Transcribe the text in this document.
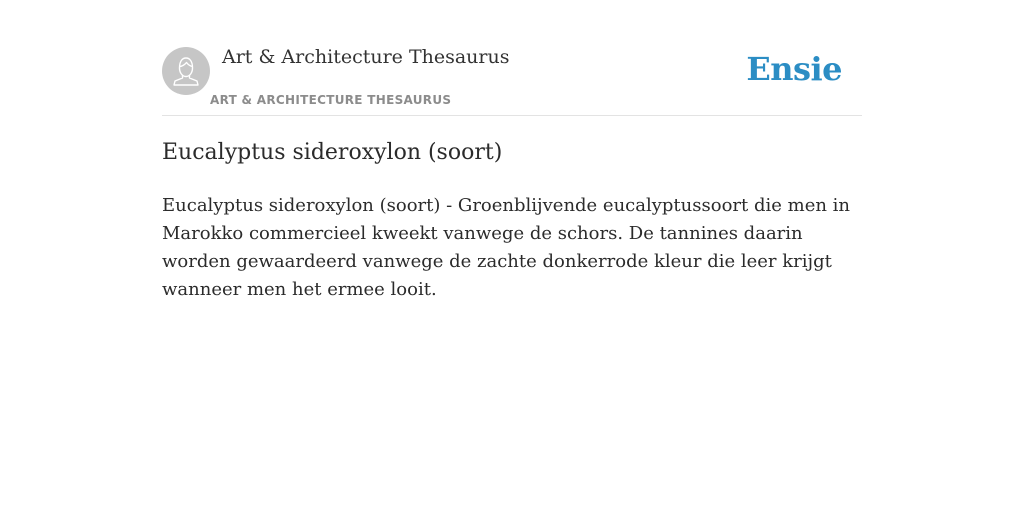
Art & Architecture Thesaurus
ART & ARCHITECTURE THESAURUS
Ensie
Eucalyptus sideroxylon (soort)

Eucalyptus sideroxylon (soort) - Groenblijvende eucalyptussoort die men in Marokko commercieel kweekt vanwege de schors. De tannines daarin worden gewaardeerd vanwege de zachte donkerrode kleur die leer krijgt wanneer men het ermee looit.
